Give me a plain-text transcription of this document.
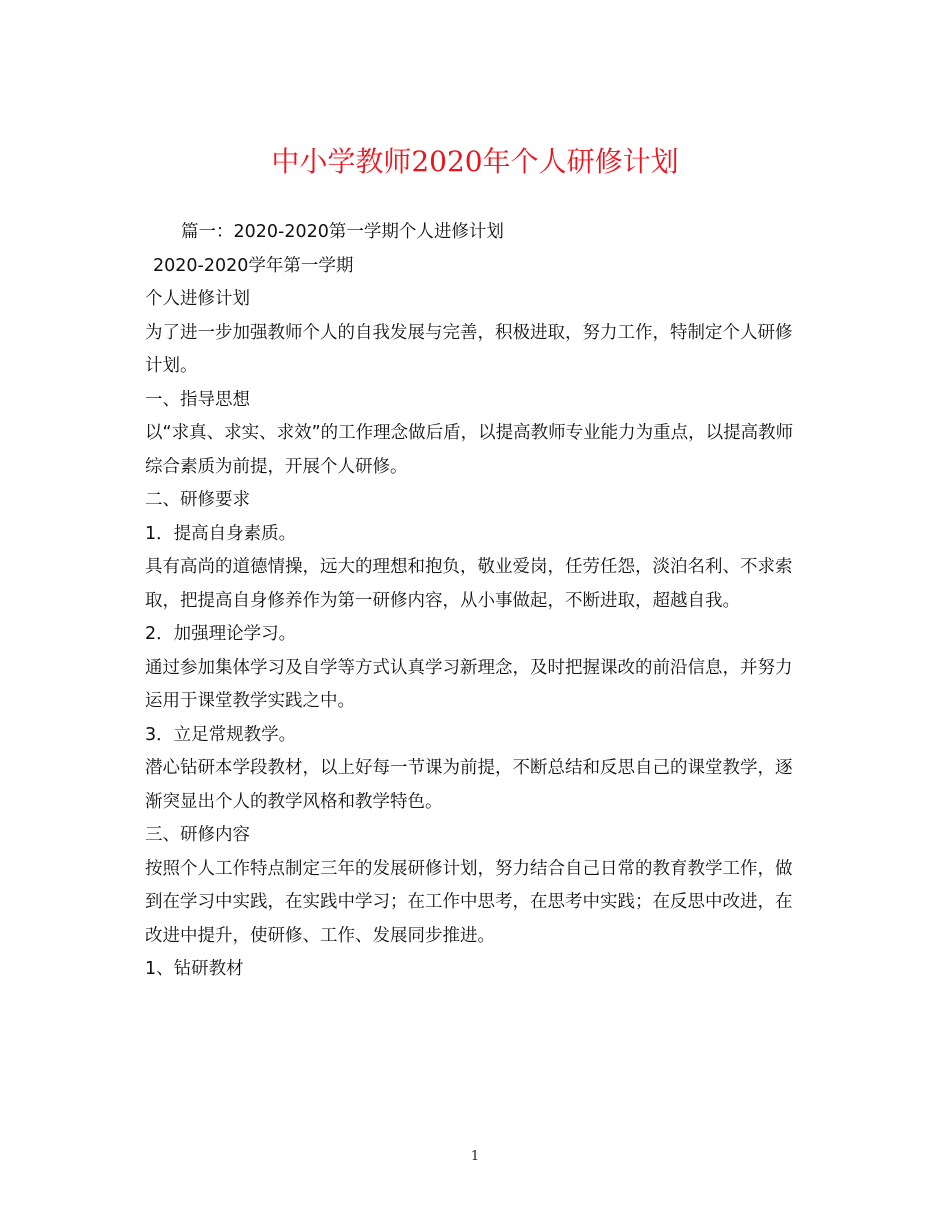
中小学教师2020年个人研修计划

篇一：2020-2020第一学期个人进修计划

2020-2020学年第一学期

个人进修计划

为了进一步加强教师个人的自我发展与完善，积极进取，努力工作，特制定个人研修计划。

一、指导思想

以“求真、求实、求效”的工作理念做后盾，以提高教师专业能力为重点，以提高教师综合素质为前提，开展个人研修。

二、研修要求

1．提高自身素质。

具有高尚的道德情操，远大的理想和抱负，敬业爱岗，任劳任怨，淡泊名利、不求索取，把提高自身修养作为第一研修内容，从小事做起，不断进取，超越自我。

2．加强理论学习。

通过参加集体学习及自学等方式认真学习新理念，及时把握课改的前沿信息，并努力运用于课堂教学实践之中。

3．立足常规教学。

潜心钻研本学段教材，以上好每一节课为前提，不断总结和反思自己的课堂教学，逐渐突显出个人的教学风格和教学特色。

三、研修内容

按照个人工作特点制定三年的发展研修计划，努力结合自己日常的教育教学工作，做到在学习中实践，在实践中学习；在工作中思考，在思考中实践；在反思中改进，在改进中提升，使研修、工作、发展同步推进。

1、钻研教材

1
